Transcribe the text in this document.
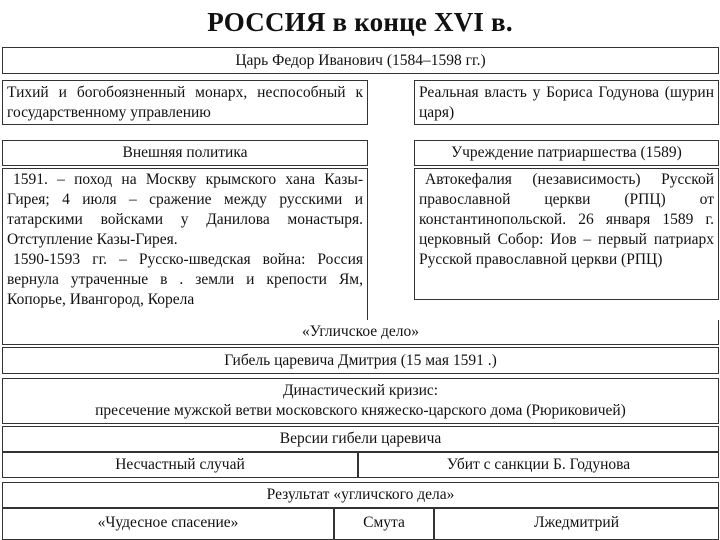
РОССИЯ в конце XVI в.
Царь Федор Иванович (1584–1598 гг.)
Тихий и богобоязненный монарх, неспособный к государственному управлению
Реальная власть у Бориса Годунова (шурин царя)
Внешняя политика	Учреждение патриаршества (1589)
1591. – поход на Москву крымского хана Казы-Гирея; 4 июля – сражение между русскими и татарскими войсками у Данилова монастыря. Отступление Казы-Гирея.
1590-1593 гг. – Русско-шведская война: Россия вернула утраченные в . земли и крепости Ям, Копорье, Ивангород, Корела
Автокефалия (независимость) Русской православной церкви (РПЦ) от константинопольской. 26 января 1589 г. церковный Собор: Иов – первый патриарх Русской православной церкви (РПЦ)
«Угличское дело»
Гибель царевича Дмитрия (15 мая 1591 .)
Династический кризис:
пресечение мужской ветви московского княжеско-царского дома (Рюриковичей)
Версии гибели царевича
Несчастный случай	Убит с санкции Б. Годунова
Результат «угличского дела»
«Чудесное спасение»	Смута	Лжедмитрий
